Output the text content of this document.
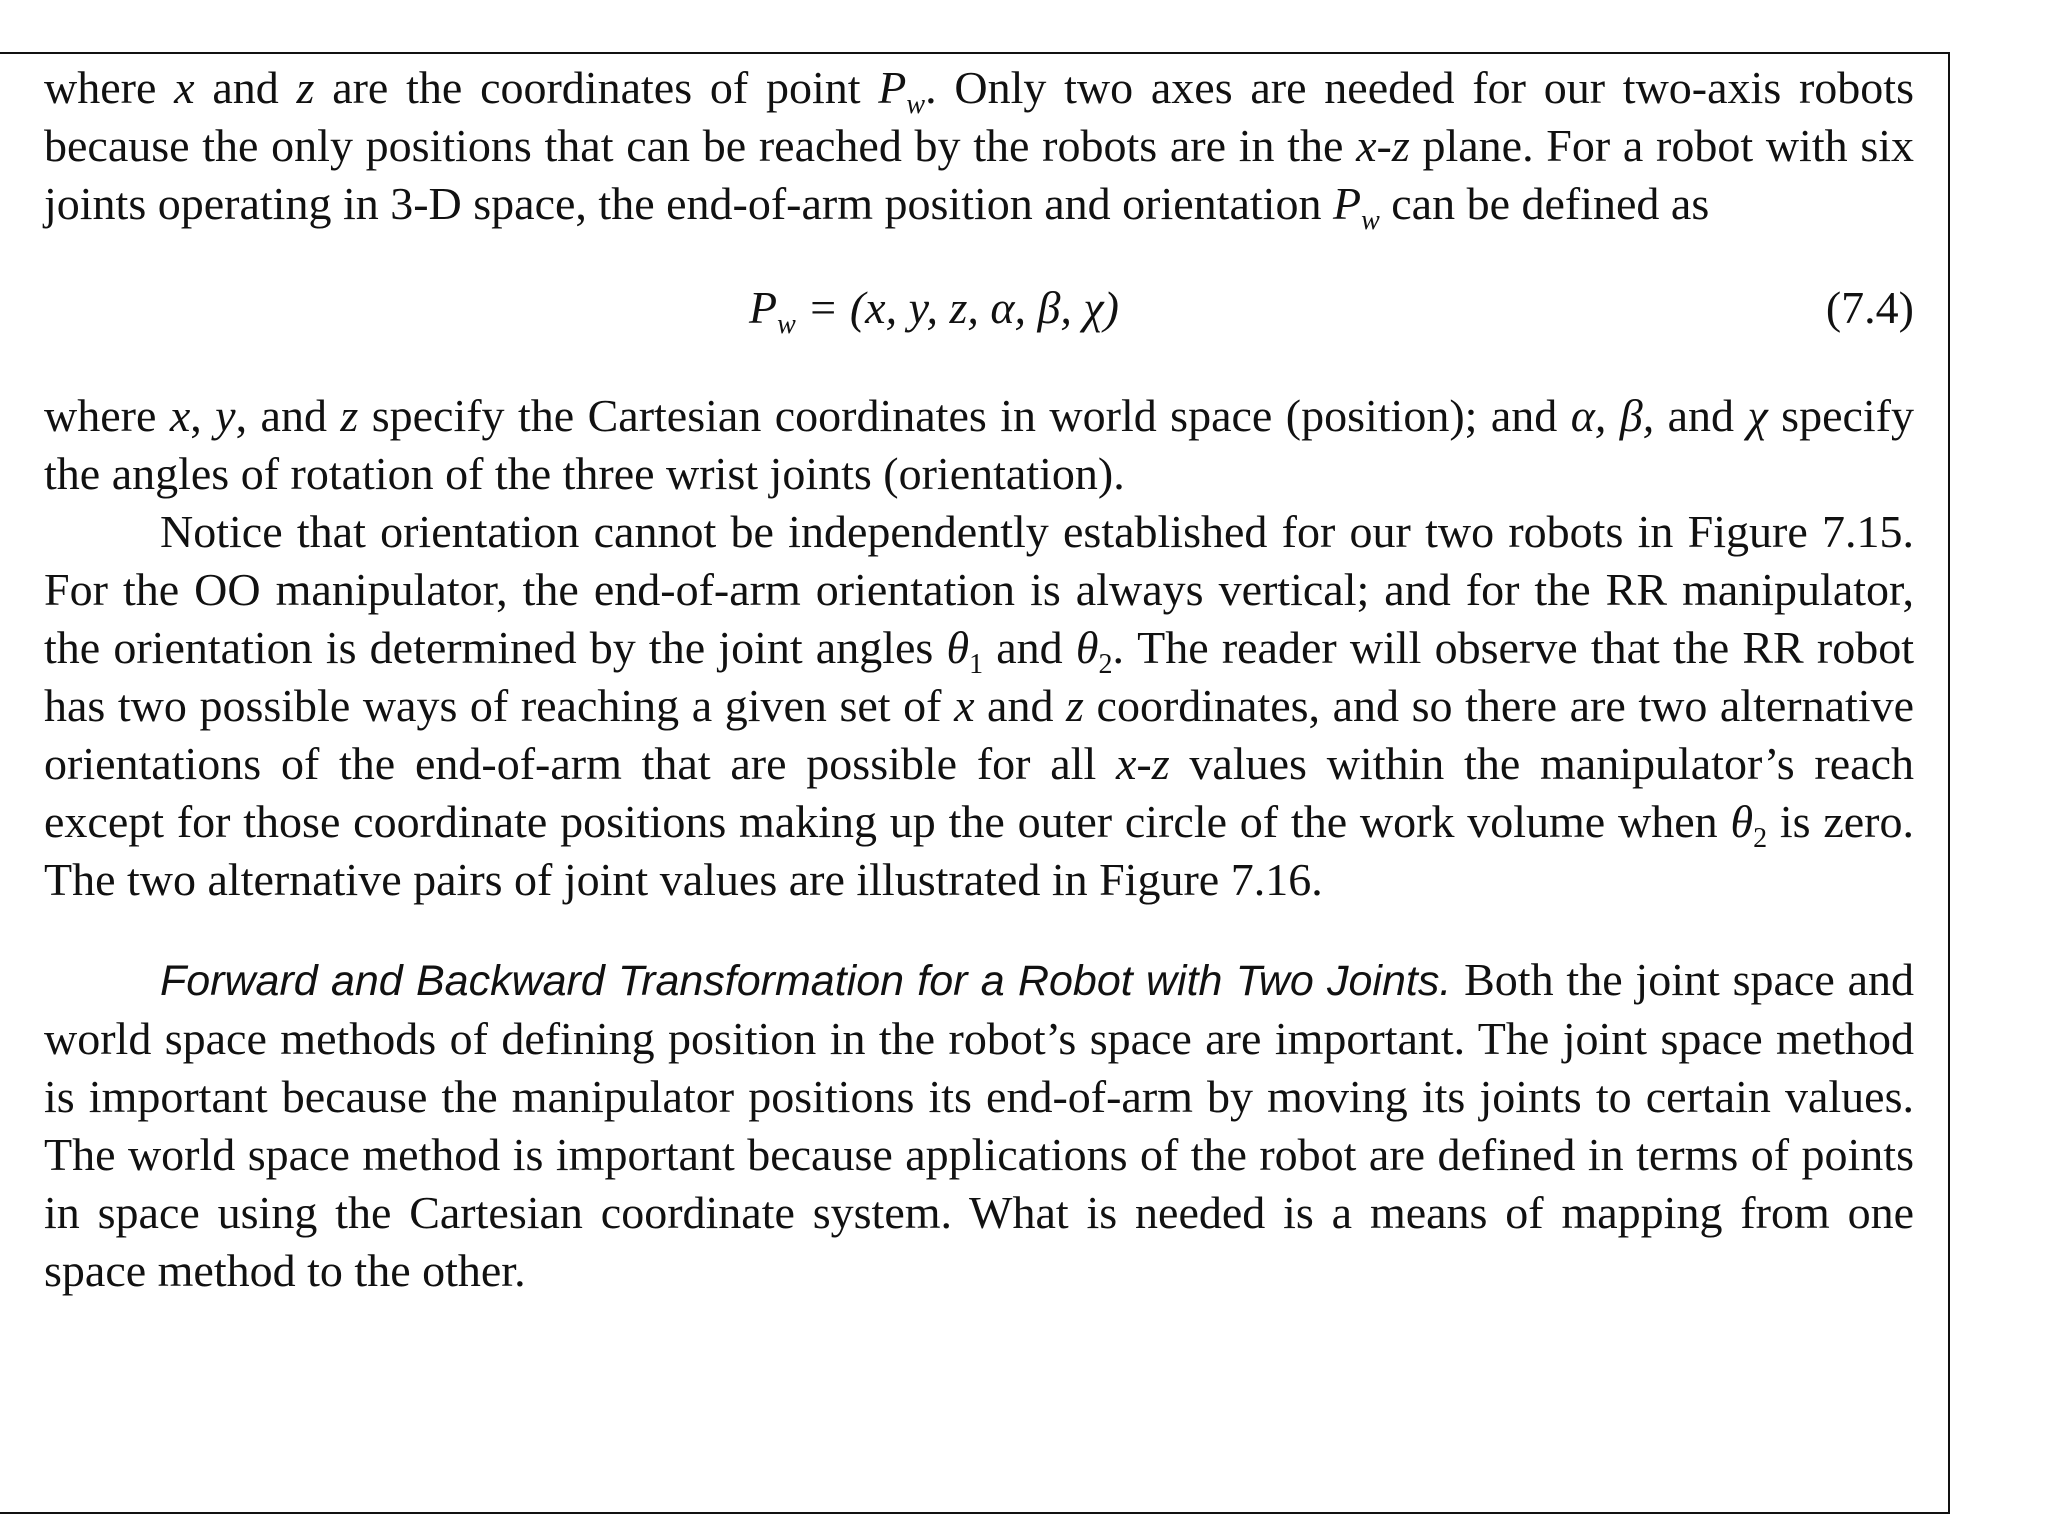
where x and z are the coordinates of point $P_w$. Only two axes are needed for our two-axis robots because the only positions that can be reached by the robots are in the x-z plane. For a robot with six joints operating in 3-D space, the end-of-arm position and orientation $P_w$ can be defined as

$P_w = (x$, y, z, α, β, χ)	(7.4)

where x, y, and z specify the Cartesian coordinates in world space (position); and α, β, and χ specify the angles of rotation of the three wrist joints (orientation).

Notice that orientation cannot be independently established for our two robots in Figure 7.15. For the OO manipulator, the end-of-arm orientation is always vertical; and for the RR manipulator, the orientation is determined by the joint angles $\theta_1$ and $\theta_2$. The reader will observe that the RR robot has two possible ways of reaching a given set of x and z coordinates, and so there are two alternative orientations of the end-of-arm that are possible for all x-z values within the manipulator’s reach except for those coordinate positions making up the outer circle of the work volume when $\theta_2$ is zero. The two alternative pairs of joint values are illustrated in Figure 7.16.

Forward and Backward Transformation for a Robot with Two Joints. Both the joint space and world space methods of defining position in the robot’s space are important. The joint space method is important because the manipulator positions its end-of-arm by moving its joints to certain values. The world space method is important because applications of the robot are defined in terms of points in space using the Cartesian coordinate system. What is needed is a means of mapping from one space method to the other.
